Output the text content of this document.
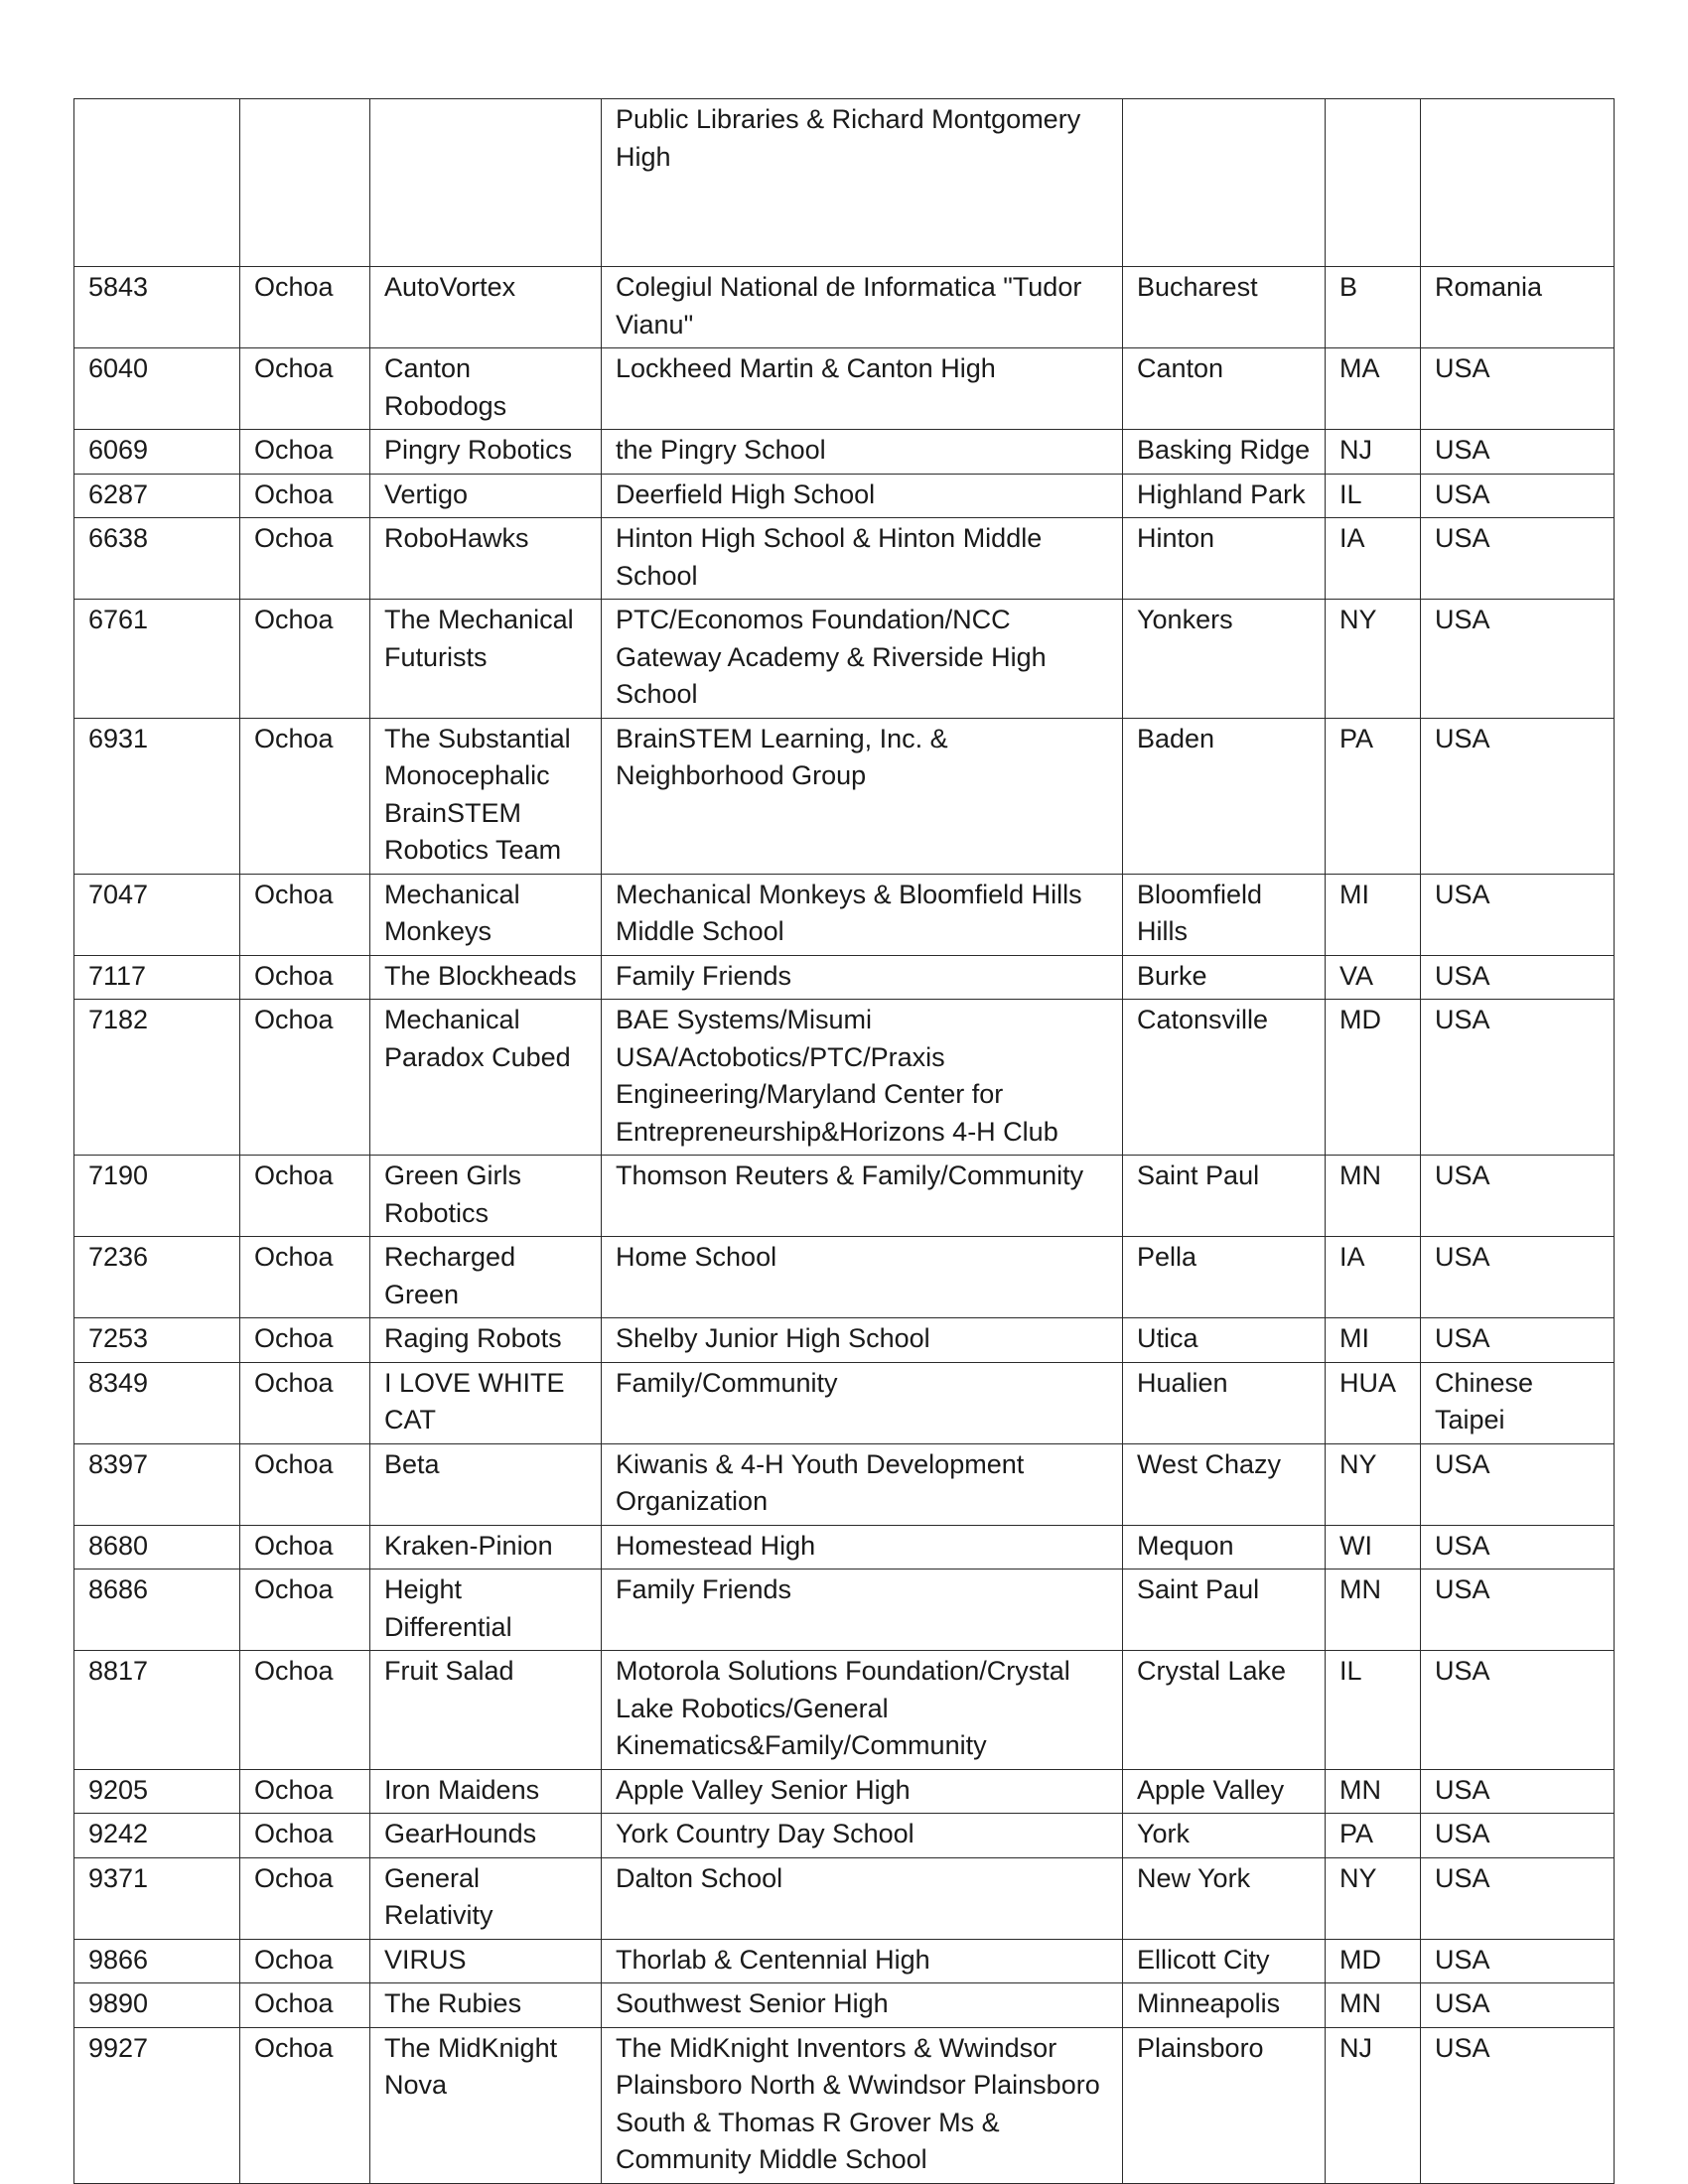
			Public Libraries & Richard Montgomery High			
5843	Ochoa	AutoVortex	Colegiul National de Informatica "Tudor Vianu"	Bucharest	B	Romania
6040	Ochoa	Canton Robodogs	Lockheed Martin & Canton High	Canton	MA	USA
6069	Ochoa	Pingry Robotics	the Pingry School	Basking Ridge	NJ	USA
6287	Ochoa	Vertigo	Deerfield High School	Highland Park	IL	USA
6638	Ochoa	RoboHawks	Hinton High School & Hinton Middle School	Hinton	IA	USA
6761	Ochoa	The Mechanical Futurists	PTC/Economos Foundation/NCC Gateway Academy & Riverside High School	Yonkers	NY	USA
6931	Ochoa	The Substantial Monocephalic BrainSTEM Robotics Team	BrainSTEM Learning, Inc. & Neighborhood Group	Baden	PA	USA
7047	Ochoa	Mechanical Monkeys	Mechanical Monkeys & Bloomfield Hills Middle School	Bloomfield Hills	MI	USA
7117	Ochoa	The Blockheads	Family Friends	Burke	VA	USA
7182	Ochoa	Mechanical Paradox Cubed	BAE Systems/Misumi USA/Actobotics/PTC/Praxis Engineering/Maryland Center for Entrepreneurship&Horizons 4-H Club	Catonsville	MD	USA
7190	Ochoa	Green Girls Robotics	Thomson Reuters & Family/Community	Saint Paul	MN	USA
7236	Ochoa	Recharged Green	Home School	Pella	IA	USA
7253	Ochoa	Raging Robots	Shelby Junior High School	Utica	MI	USA
8349	Ochoa	I LOVE WHITE CAT	Family/Community	Hualien	HUA	Chinese Taipei
8397	Ochoa	Beta	Kiwanis & 4-H Youth Development Organization	West Chazy	NY	USA
8680	Ochoa	Kraken-Pinion	Homestead High	Mequon	WI	USA
8686	Ochoa	Height Differential	Family Friends	Saint Paul	MN	USA
8817	Ochoa	Fruit Salad	Motorola Solutions Foundation/Crystal Lake Robotics/General Kinematics&Family/Community	Crystal Lake	IL	USA
9205	Ochoa	Iron Maidens	Apple Valley Senior High	Apple Valley	MN	USA
9242	Ochoa	GearHounds	York Country Day School	York	PA	USA
9371	Ochoa	General Relativity	Dalton School	New York	NY	USA
9866	Ochoa	VIRUS	Thorlab & Centennial High	Ellicott City	MD	USA
9890	Ochoa	The Rubies	Southwest Senior High	Minneapolis	MN	USA
9927	Ochoa	The MidKnight Nova	The MidKnight Inventors & Wwindsor Plainsboro North & Wwindsor Plainsboro South & Thomas R Grover Ms & Community Middle School	Plainsboro	NJ	USA
